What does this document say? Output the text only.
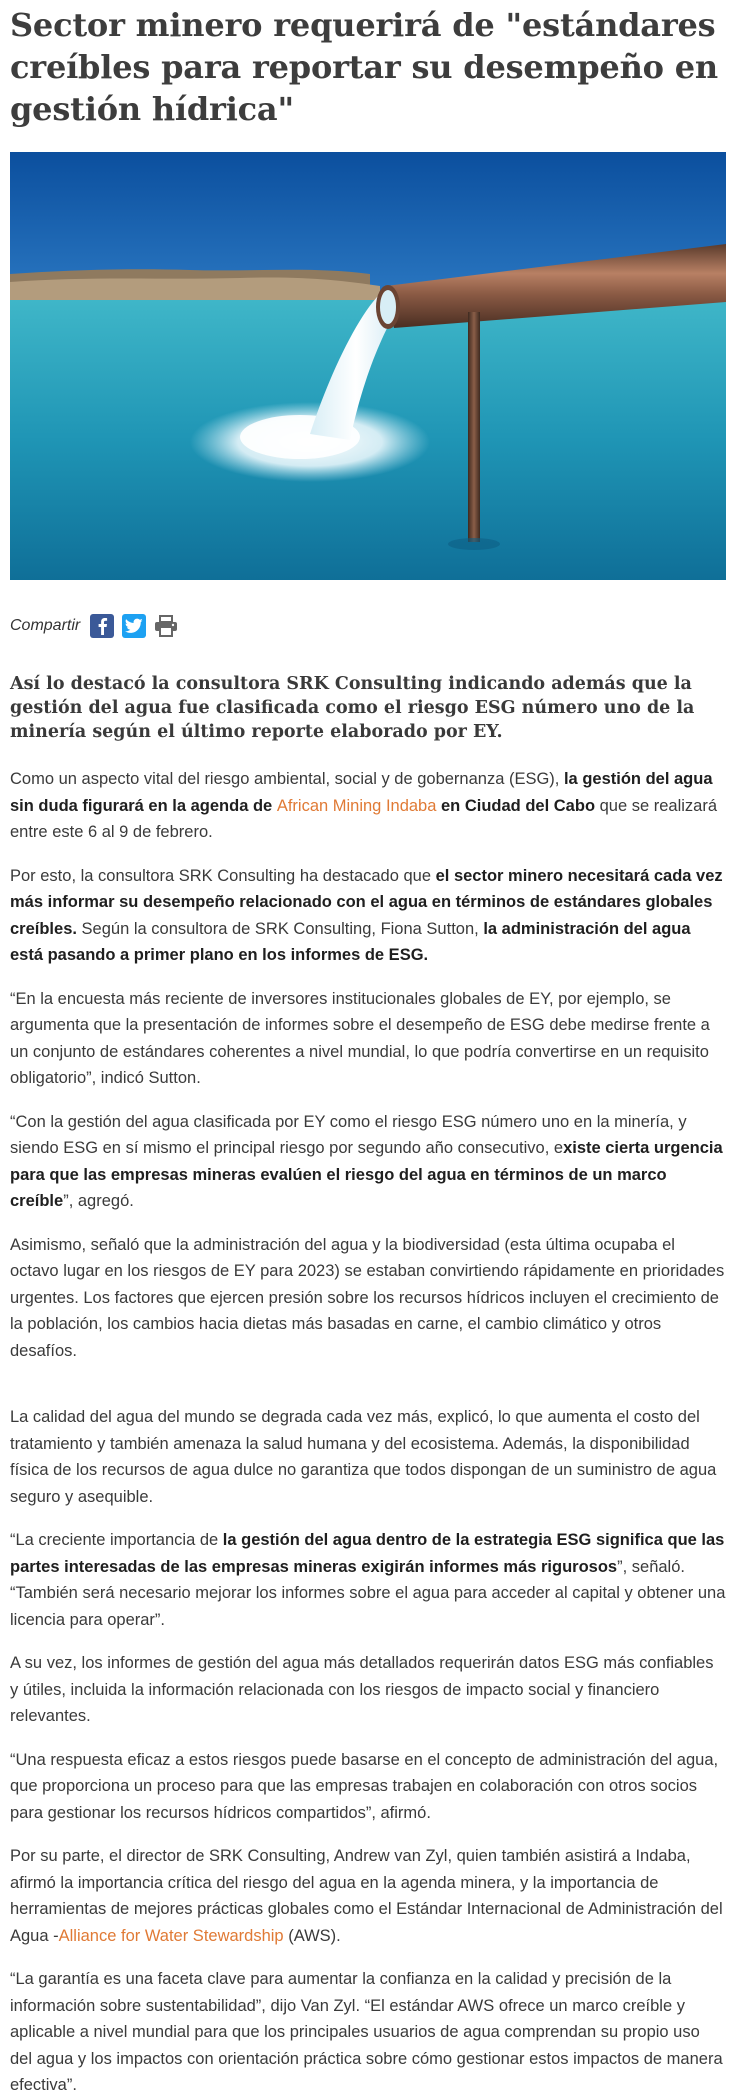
Sector minero requerirá de "estándares creíbles para reportar su desempeño en gestión hídrica"
Compartir

Así lo destacó la consultora SRK Consulting indicando además que la gestión del agua fue clasificada como el riesgo ESG número uno de la minería según el último reporte elaborado por EY.

Como un aspecto vital del riesgo ambiental, social y de gobernanza (ESG), la gestión del agua sin duda figurará en la agenda de African Mining Indaba en Ciudad del Cabo que se realizará entre este 6 al 9 de febrero.

Por esto, la consultora SRK Consulting ha destacado que el sector minero necesitará cada vez más informar su desempeño relacionado con el agua en términos de estándares globales creíbles. Según la consultora de SRK Consulting, Fiona Sutton, la administración del agua está pasando a primer plano en los informes de ESG.

“En la encuesta más reciente de inversores institucionales globales de EY, por ejemplo, se argumenta que la presentación de informes sobre el desempeño de ESG debe medirse frente a un conjunto de estándares coherentes a nivel mundial, lo que podría convertirse en un requisito obligatorio”, indicó Sutton.

“Con la gestión del agua clasificada por EY como el riesgo ESG número uno en la minería, y siendo ESG en sí mismo el principal riesgo por segundo año consecutivo, existe cierta urgencia para que las empresas mineras evalúen el riesgo del agua en términos de un marco creíble”, agregó.

Asimismo, señaló que la administración del agua y la biodiversidad (esta última ocupaba el octavo lugar en los riesgos de EY para 2023) se estaban convirtiendo rápidamente en prioridades urgentes. Los factores que ejercen presión sobre los recursos hídricos incluyen el crecimiento de la población, los cambios hacia dietas más basadas en carne, el cambio climático y otros desafíos.

La calidad del agua del mundo se degrada cada vez más, explicó, lo que aumenta el costo del tratamiento y también amenaza la salud humana y del ecosistema. Además, la disponibilidad física de los recursos de agua dulce no garantiza que todos dispongan de un suministro de agua seguro y asequible.

“La creciente importancia de la gestión del agua dentro de la estrategia ESG significa que las partes interesadas de las empresas mineras exigirán informes más rigurosos”, señaló. “También será necesario mejorar los informes sobre el agua para acceder al capital y obtener una licencia para operar”.

A su vez, los informes de gestión del agua más detallados requerirán datos ESG más confiables y útiles, incluida la información relacionada con los riesgos de impacto social y financiero relevantes.

“Una respuesta eficaz a estos riesgos puede basarse en el concepto de administración del agua, que proporciona un proceso para que las empresas trabajen en colaboración con otros socios para gestionar los recursos hídricos compartidos”, afirmó.

Por su parte, el director de SRK Consulting, Andrew van Zyl, quien también asistirá a Indaba, afirmó la importancia crítica del riesgo del agua en la agenda minera, y la importancia de herramientas de mejores prácticas globales como el Estándar Internacional de Administración del Agua -Alliance for Water Stewardship (AWS).

“La garantía es una faceta clave para aumentar la confianza en la calidad y precisión de la información sobre sustentabilidad”, dijo Van Zyl. “El estándar AWS ofrece un marco creíble y aplicable a nivel mundial para que los principales usuarios de agua comprendan su propio uso del agua y los impactos con orientación práctica sobre cómo gestionar estos impactos de manera efectiva”.
